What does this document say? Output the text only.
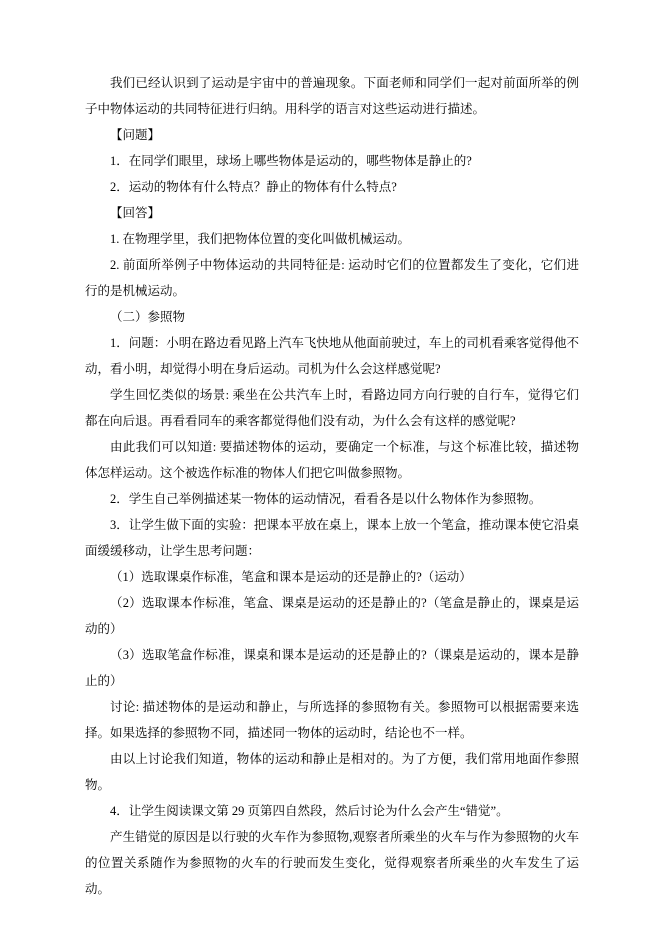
我们已经认识到了运动是宇宙中的普遍现象。下面老师和同学们一起对前面所举的例子中物体运动的共同特征进行归纳。用科学的语言对这些运动进行描述。

【问题】

1．在同学们眼里，球场上哪些物体是运动的，哪些物体是静止的?

2．运动的物体有什么特点？静止的物体有什么特点?

【回答】

1. 在物理学里，我们把物体位置的变化叫做机械运动。

2. 前面所举例子中物体运动的共同特征是: 运动时它们的位置都发生了变化，它们进行的是机械运动。

（二）参照物

1．问题：小明在路边看见路上汽车飞快地从他面前驶过，车上的司机看乘客觉得他不动，看小明，却觉得小明在身后运动。司机为什么会这样感觉呢?

学生回忆类似的场景: 乘坐在公共汽车上时，看路边同方向行驶的自行车，觉得它们都在向后退。再看看同车的乘客都觉得他们没有动，为什么会有这样的感觉呢?

由此我们可以知道: 要描述物体的运动，要确定一个标准，与这个标准比较，描述物体怎样运动。这个被选作标准的物体人们把它叫做参照物。

2．学生自己举例描述某一物体的运动情况，看看各是以什么物体作为参照物。

3．让学生做下面的实验：把课本平放在桌上，课本上放一个笔盒，推动课本使它沿桌面缓缓移动，让学生思考问题：

（1）选取课桌作标准，笔盒和课本是运动的还是静止的?（运动）

（2）选取课本作标准，笔盒、课桌是运动的还是静止的?（笔盒是静止的，课桌是运动的）

（3）选取笔盒作标准，课桌和课本是运动的还是静止的?（课桌是运动的，课本是静止的）

讨论: 描述物体的是运动和静止，与所选择的参照物有关。参照物可以根据需要来选择。如果选择的参照物不同，描述同一物体的运动时，结论也不一样。

由以上讨论我们知道，物体的运动和静止是相对的。为了方便，我们常用地面作参照物。

4．让学生阅读课文第 29 页第四自然段，然后讨论为什么会产生“错觉”。

产生错觉的原因是以行驶的火车作为参照物,观察者所乘坐的火车与作为参照物的火车的位置关系随作为参照物的火车的行驶而发生变化，觉得观察者所乘坐的火车发生了运动。
